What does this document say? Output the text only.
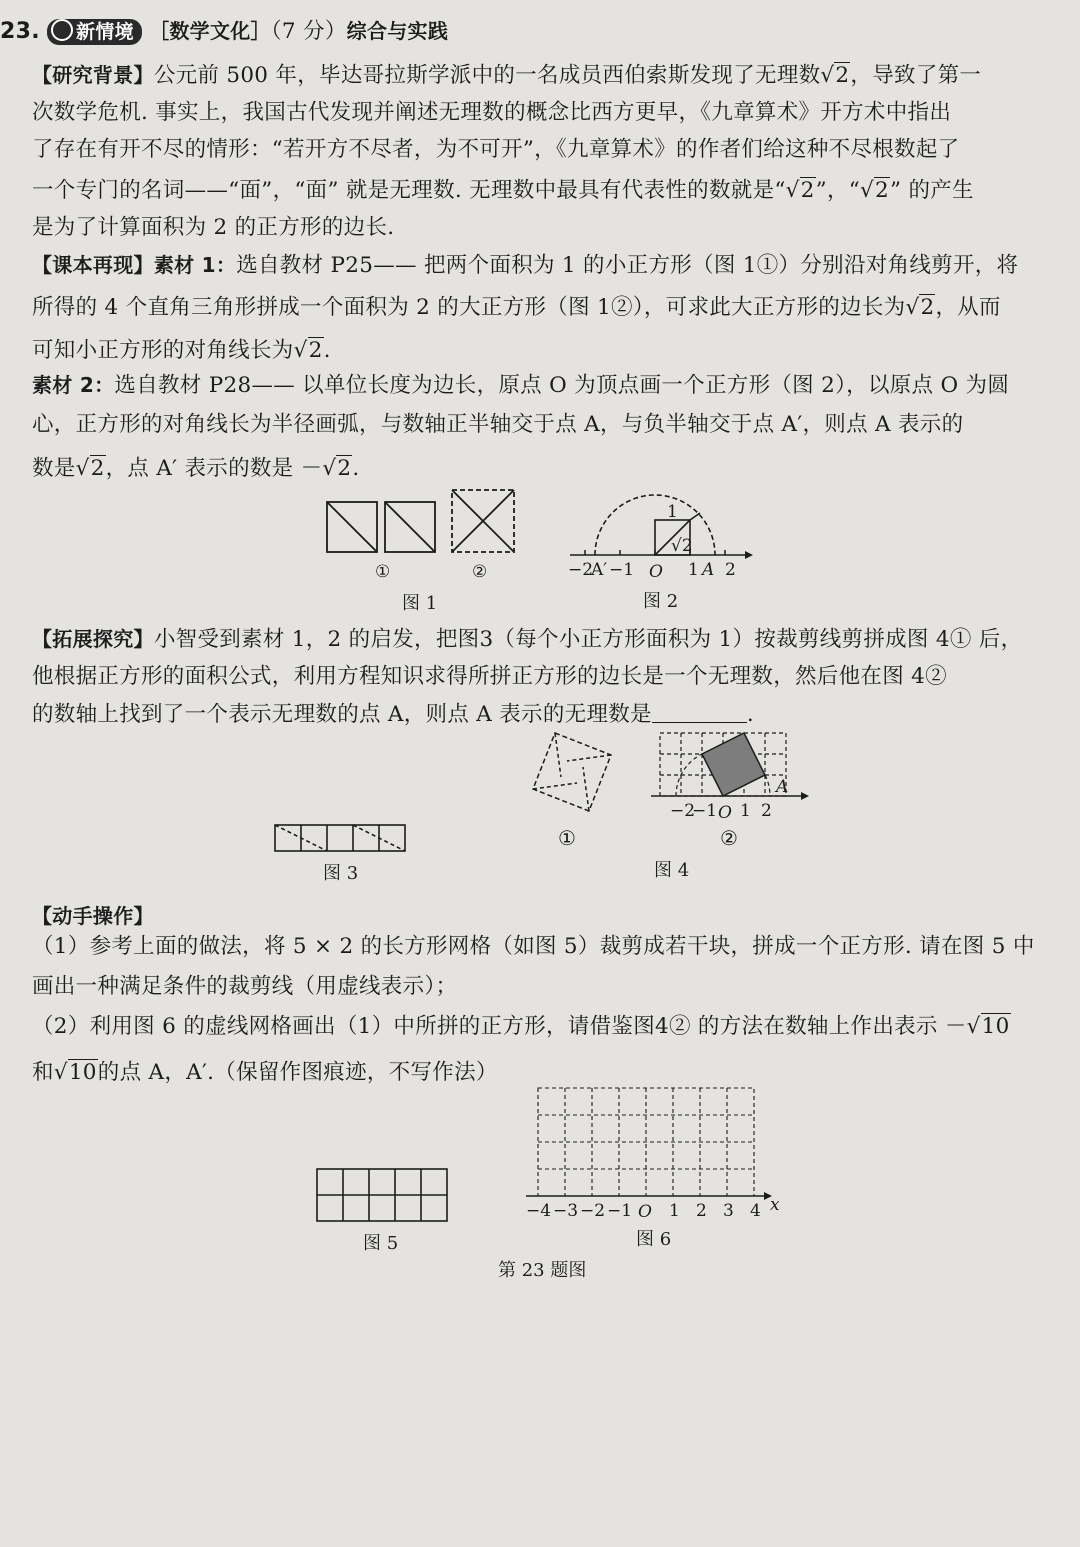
23. 新情境 ［数学文化］（7 分）综合与实践
【研究背景】公元前 500 年，毕达哥拉斯学派中的一名成员西伯索斯发现了无理数√2，导致了第一
次数学危机. 事实上，我国古代发现并阐述无理数的概念比西方更早，《九章算术》开方术中指出
了存在有开不尽的情形：“若开方不尽者，为不可开”，《九章算术》的作者们给这种不尽根数起了
一个专门的名词——“面”，“面” 就是无理数. 无理数中最具有代表性的数就是“√2”，“√2” 的产生
是为了计算面积为 2 的正方形的边长.
【课本再现】素材 1：选自教材 P25—— 把两个面积为 1 的小正方形（图 1①）分别沿对角线剪开，将
所得的 4 个直角三角形拼成一个面积为 2 的大正方形（图 1②），可求此大正方形的边长为√2，从而
可知小正方形的对角线长为√2.
素材 2：选自教材 P28—— 以单位长度为边长，原点 O 为顶点画一个正方形（图 2），以原点 O 为圆
心，正方形的对角线长为半径画弧，与数轴正半轴交于点 A，与负半轴交于点 A′，则点 A 表示的
数是√2，点 A′ 表示的数是 －√2.
①	②
图 1
1
√2
−2
A′ −1 O 1 A 2
图 2
【拓展探究】小智受到素材 1，2 的启发，把图3（每个小正方形面积为 1）按裁剪线剪拼成图 4① 后，
他根据正方形的面积公式，利用方程知识求得所拼正方形的边长是一个无理数，然后他在图 4②
的数轴上找到了一个表示无理数的点 A，则点 A 表示的无理数是	.
图 3
①
A
−2
−1 O 1 2
②
图 4
【动手操作】
（1）参考上面的做法，将 5 × 2 的长方形网格（如图 5）裁剪成若干块，拼成一个正方形. 请在图 5 中
画出一种满足条件的裁剪线（用虚线表示）；
（2）利用图 6 的虚线网格画出（1）中所拼的正方形，请借鉴图4② 的方法在数轴上作出表示 －√10
和√10的点 A，A′.（保留作图痕迹，不写作法）
图 5
x
−4 −3 −2 −1 O 1 2 3 4
图 6
第 23 题图
